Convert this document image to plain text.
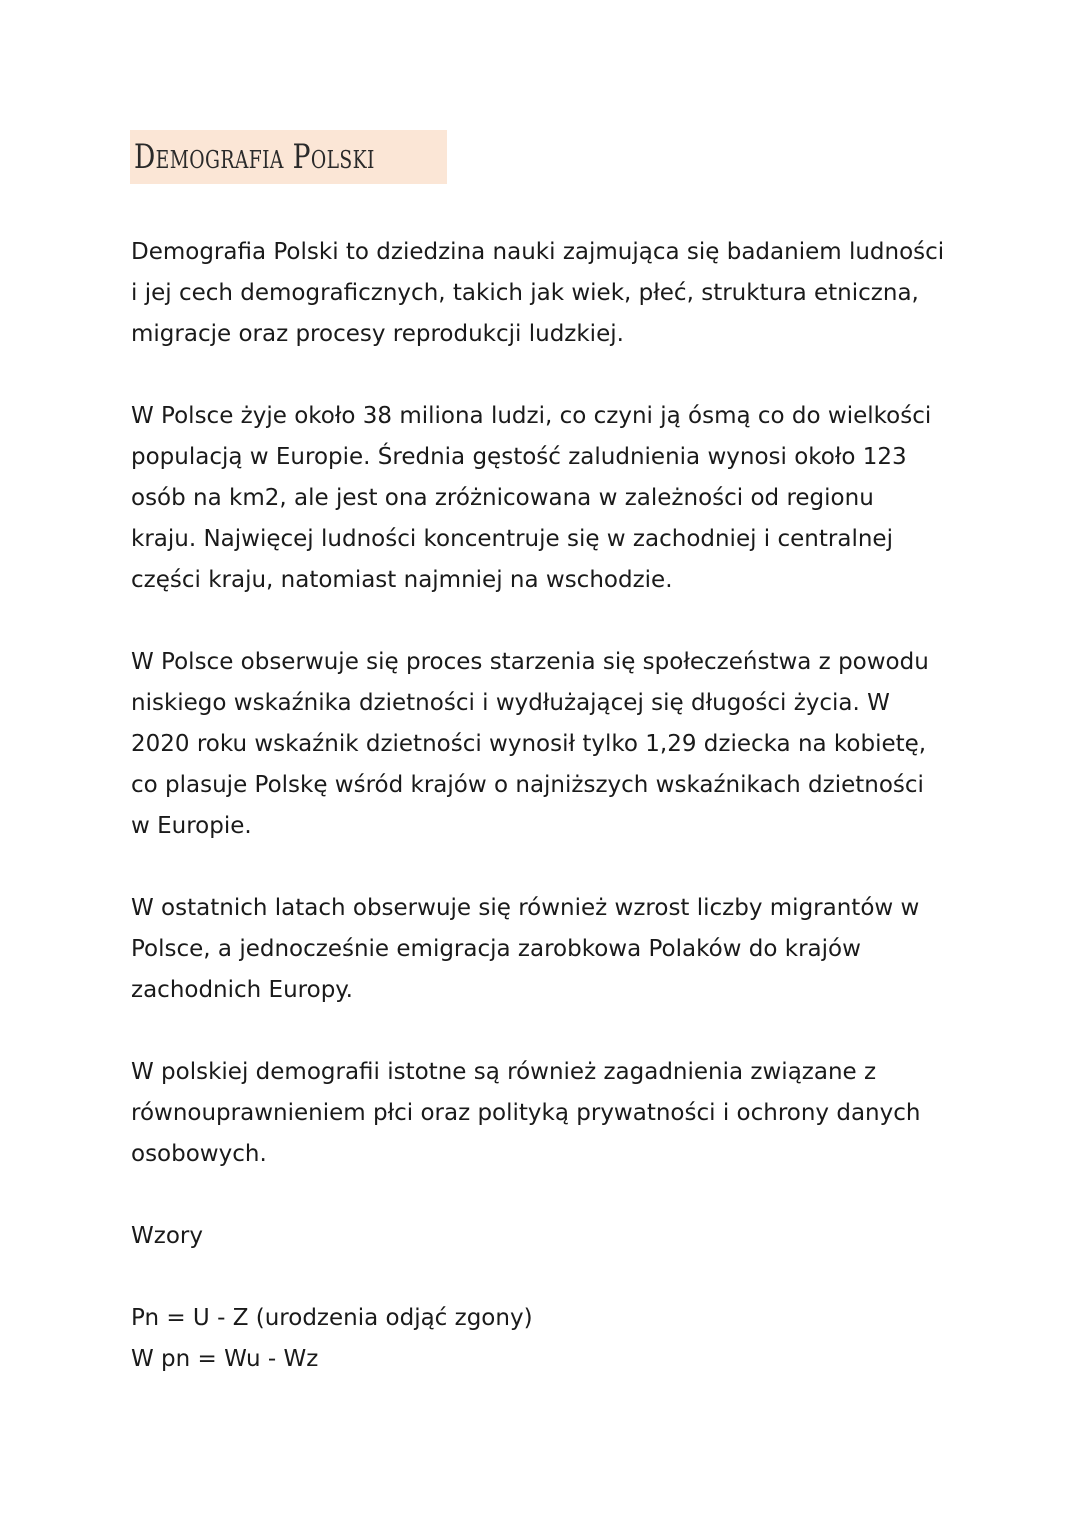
Demografia Polski

Demografia Polski to dziedzina nauki zajmująca się badaniem ludności
i jej cech demograficznych, takich jak wiek, płeć, struktura etniczna,
migracje oraz procesy reprodukcji ludzkiej.

W Polsce żyje około 38 miliona ludzi, co czyni ją ósmą co do wielkości
populacją w Europie. Średnia gęstość zaludnienia wynosi około 123
osób na km2, ale jest ona zróżnicowana w zależności od regionu
kraju. Najwięcej ludności koncentruje się w zachodniej i centralnej
części kraju, natomiast najmniej na wschodzie.

W Polsce obserwuje się proces starzenia się społeczeństwa z powodu
niskiego wskaźnika dzietności i wydłużającej się długości życia. W
2020 roku wskaźnik dzietności wynosił tylko 1,29 dziecka na kobietę,
co plasuje Polskę wśród krajów o najniższych wskaźnikach dzietności
w Europie.

W ostatnich latach obserwuje się również wzrost liczby migrantów w
Polsce, a jednocześnie emigracja zarobkowa Polaków do krajów
zachodnich Europy.

W polskiej demografii istotne są również zagadnienia związane z
równouprawnieniem płci oraz polityką prywatności i ochrony danych
osobowych.

Wzory

Pn = U - Z (urodzenia odjąć zgony)

W pn = Wu - Wz
